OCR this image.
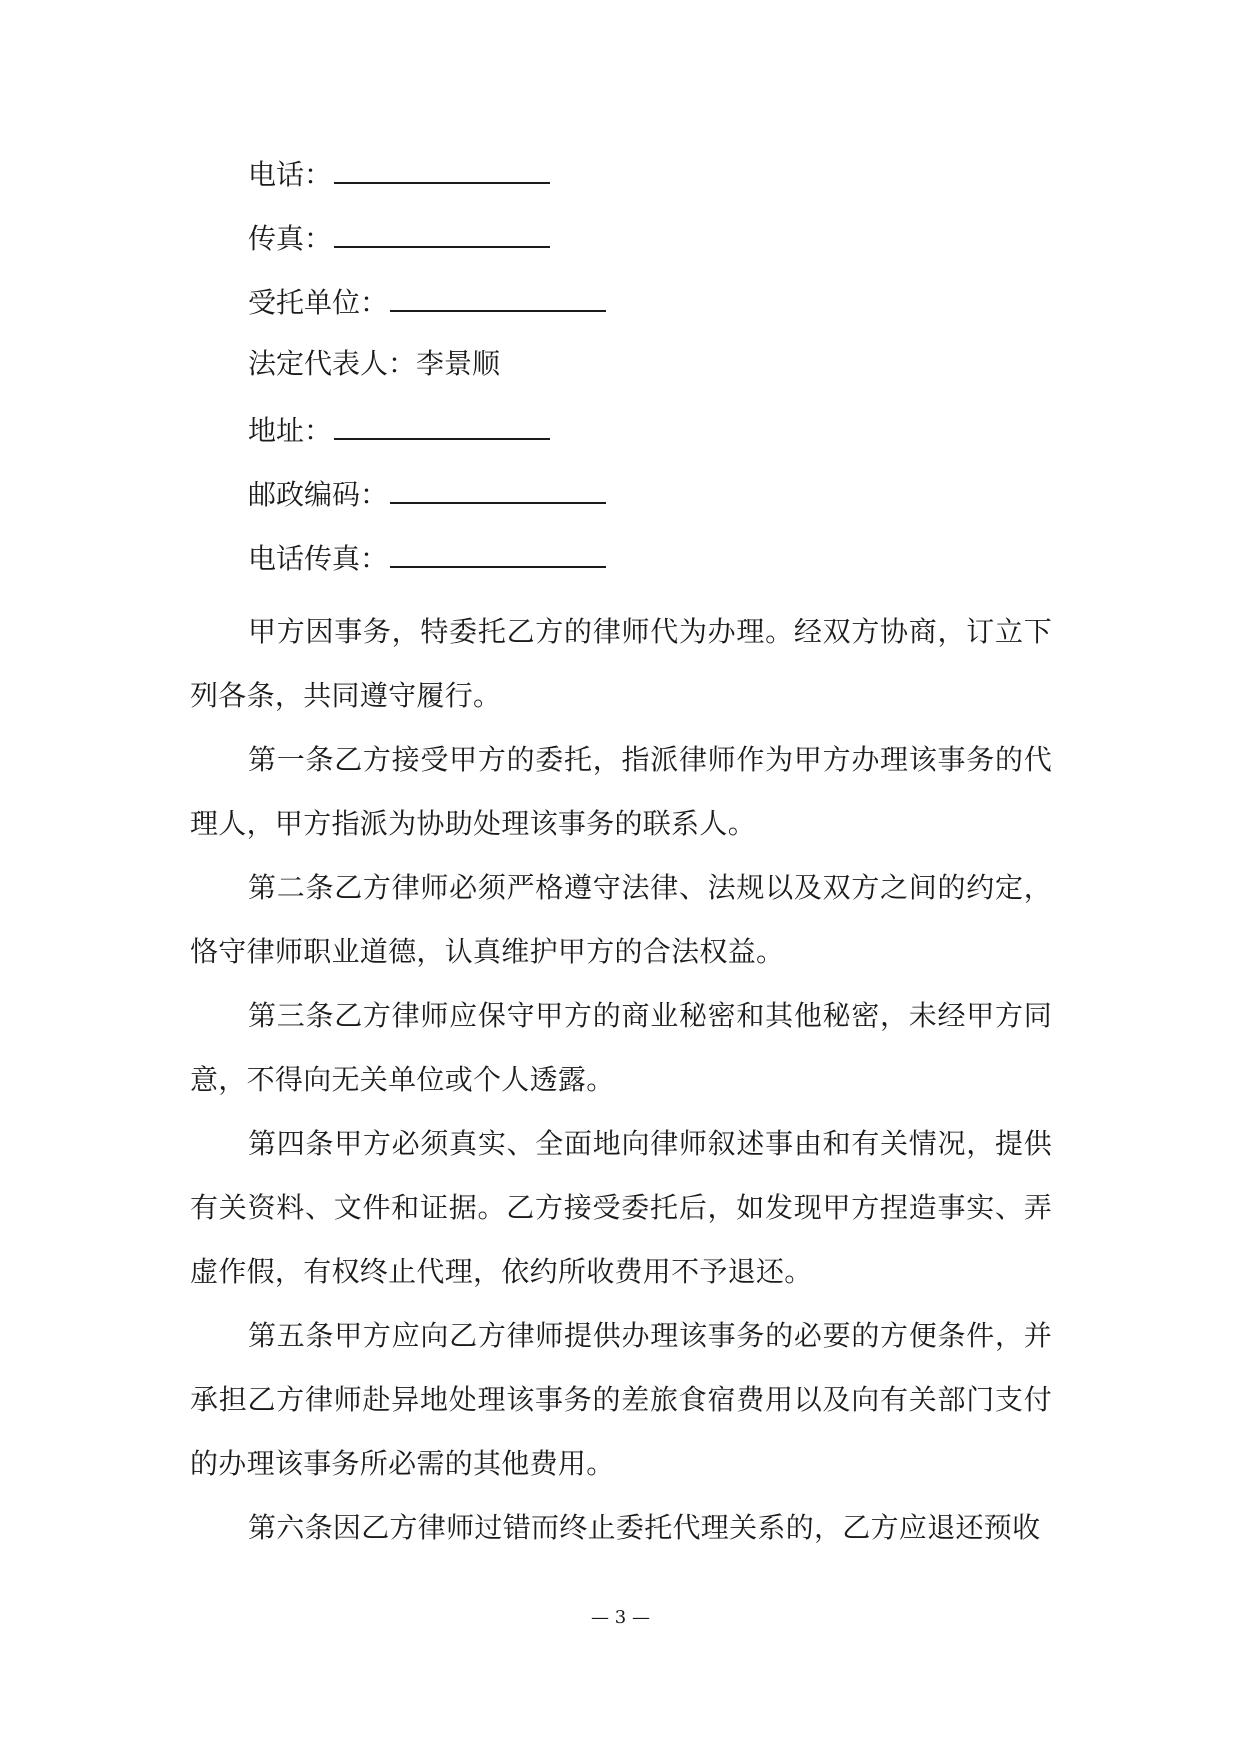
电话：
传真：
受托单位：
法定代表人：李景顺
地址：
邮政编码：
电话传真：

甲方因事务，特委托乙方的律师代为办理。经双方协商，订立下列各条，共同遵守履行。

第一条乙方接受甲方的委托，指派律师作为甲方办理该事务的代理人，甲方指派为协助处理该事务的联系人。

第二条乙方律师必须严格遵守法律、法规以及双方之间的约定，恪守律师职业道德，认真维护甲方的合法权益。

第三条乙方律师应保守甲方的商业秘密和其他秘密，未经甲方同意，不得向无关单位或个人透露。

第四条甲方必须真实、全面地向律师叙述事由和有关情况，提供有关资料、文件和证据。乙方接受委托后，如发现甲方捏造事实、弄虚作假，有权终止代理，依约所收费用不予退还。

第五条甲方应向乙方律师提供办理该事务的必要的方便条件，并承担乙方律师赴异地处理该事务的差旅食宿费用以及向有关部门支付的办理该事务所必需的其他费用。

第六条因乙方律师过错而终止委托代理关系的，乙方应退还预收

— 3 —
